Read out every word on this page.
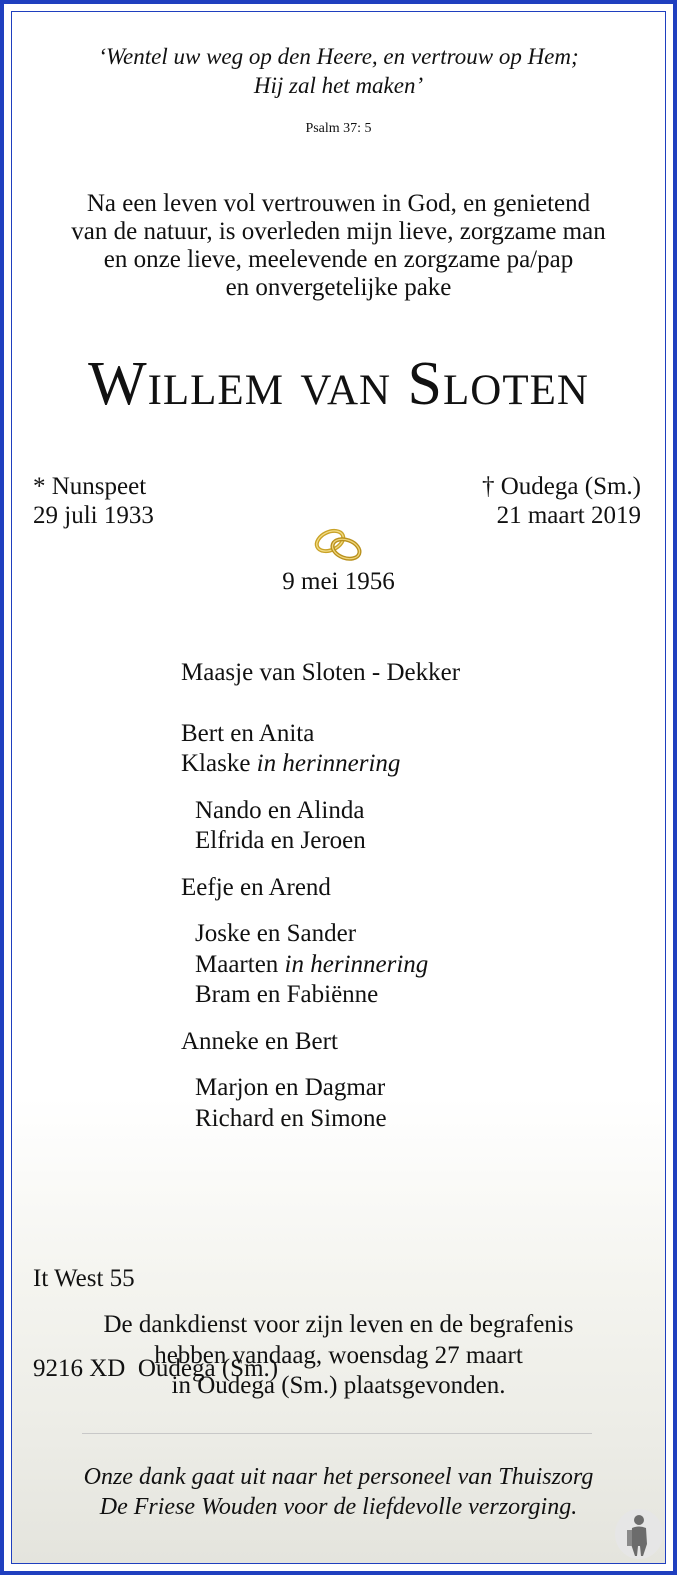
‘Wentel uw weg op den Heere, en vertrouw op Hem;
Hij zal het maken’
Psalm 37: 5
Na een leven vol vertrouwen in God, en genietend
van de natuur, is overleden mijn lieve, zorgzame man
en onze lieve, meelevende en zorgzame pa/pap
en onvergetelijke pake
Willem van Sloten
* Nunspeet
29 juli 1933
† Oudega (Sm.)
21 maart 2019
9 mei 1956
Maasje van Sloten - Dekker
Bert en Anita
Klaske in herinnering
Nando en Alinda
Elfrida en Jeroen
Eefje en Arend
Joske en Sander
Maarten in herinnering
Bram en Fabiënne
Anneke en Bert
Marjon en Dagmar
Richard en Simone

It West 55

9216 XD  Oudega (Sm.)

De dankdienst voor zijn leven en de begrafenis
hebben vandaag, woensdag 27 maart
in Oudega (Sm.) plaatsgevonden.
Onze dank gaat uit naar het personeel van Thuiszorg
De Friese Wouden voor de liefdevolle verzorging.
